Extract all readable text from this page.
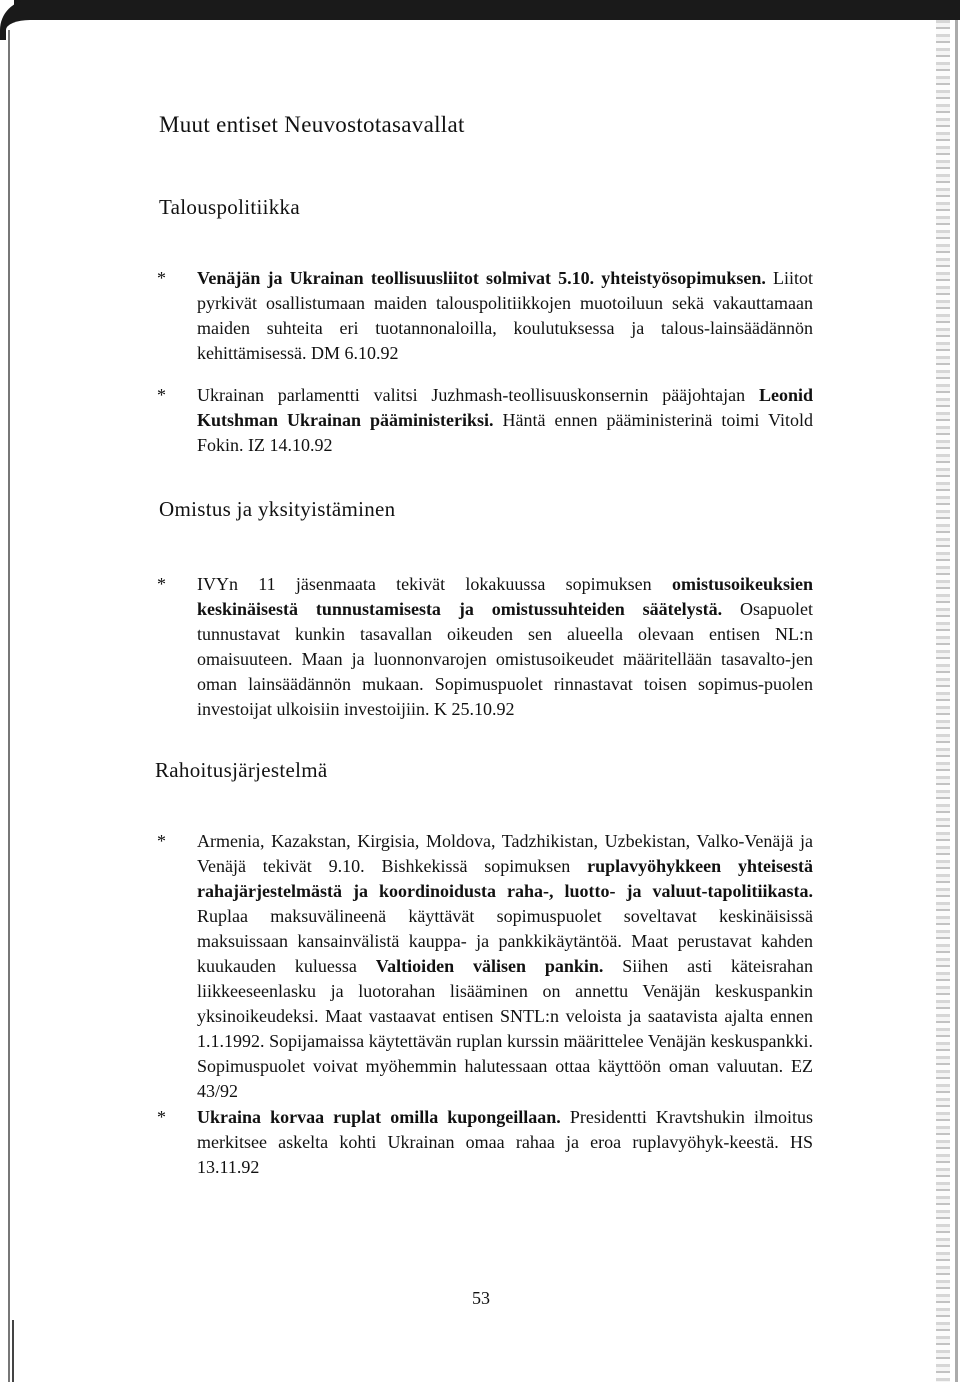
Muut entiset Neuvostotasavallat
Talouspolitiikka
* Venäjän ja Ukrainan teollisuusliitot solmivat 5.10. yhteistyösopimuksen. Liitot pyrkivät osallistumaan maiden talouspolitiikkojen muotoiluun sekä vakauttamaan maiden suhteita eri tuotannonaloilla, koulutuksessa ja talous-lainsäädännön kehittämisessä. DM 6.10.92
* Ukrainan parlamentti valitsi Juzhmash-teollisuuskonsernin pääjohtajan Leonid Kutshman Ukrainan pääministeriksi. Häntä ennen pääministerinä toimi Vitold Fokin. IZ 14.10.92
Omistus ja yksityistäminen
* IVYn 11 jäsenmaata tekivät lokakuussa sopimuksen omistusoikeuksien keskinäisestä tunnustamisesta ja omistussuhteiden säätelystä. Osapuolet tunnustavat kunkin tasavallan oikeuden sen alueella olevaan entisen NL:n omaisuuteen. Maan ja luonnonvarojen omistusoikeudet määritellään tasavalto-jen oman lainsäädännön mukaan. Sopimuspuolet rinnastavat toisen sopimus-puolen investoijat ulkoisiin investoijiin. K 25.10.92
Rahoitusjärjestelmä
* Armenia, Kazakstan, Kirgisia, Moldova, Tadzhikistan, Uzbekistan, Valko-Venäjä ja Venäjä tekivät 9.10. Bishkekissä sopimuksen ruplavyöhykkeen yhteisestä rahajärjestelmästä ja koordinoidusta raha-, luotto- ja valuut-tapolitiikasta. Ruplaa maksuvälineenä käyttävät sopimuspuolet soveltavat keskinäisissä maksuissaan kansainvälistä kauppa- ja pankkikäytäntöä. Maat perustavat kahden kuukauden kuluessa Valtioiden välisen pankin. Siihen asti käteisrahan liikkeeseenlasku ja luotorahan lisääminen on annettu Venäjän keskuspankin yksinoikeudeksi. Maat vastaavat entisen SNTL:n veloista ja saatavista ajalta ennen 1.1.1992. Sopijamaissa käytettävän ruplan kurssin määrittelee Venäjän keskuspankki. Sopimuspuolet voivat myöhemmin halutessaan ottaa käyttöön oman valuutan. EZ 43/92
* Ukraina korvaa ruplat omilla kupongeillaan. Presidentti Kravtshukin ilmoitus merkitsee askelta kohti Ukrainan omaa rahaa ja eroa ruplavyöhyk-keestä. HS 13.11.92
53
